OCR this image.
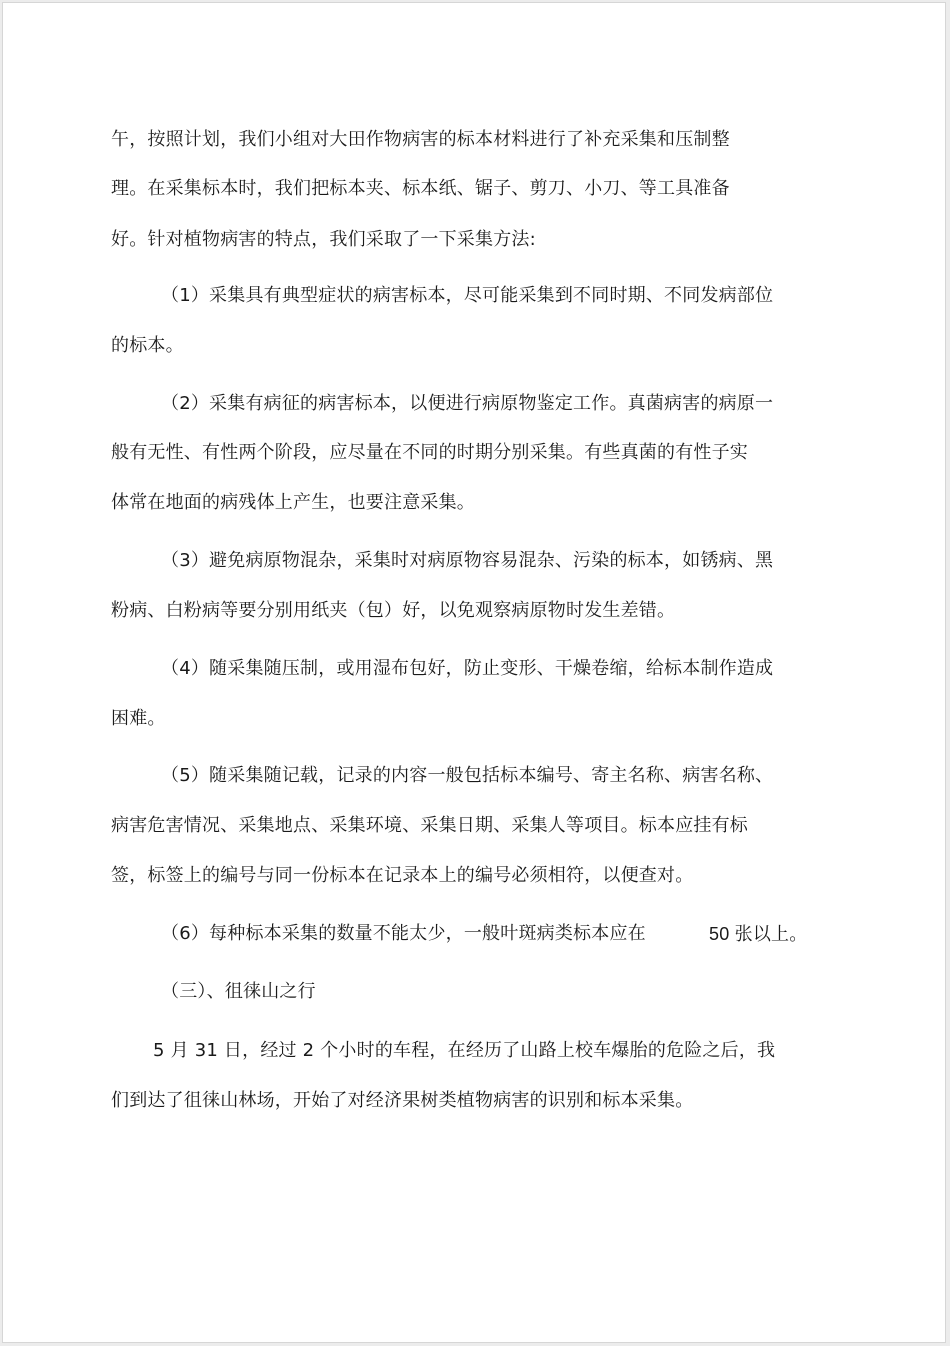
午，按照计划，我们小组对大田作物病害的标本材料进行了补充采集和压制整
理。在采集标本时，我们把标本夹、标本纸、锯子、剪刀、小刀、等工具准备
好。针对植物病害的特点，我们采取了一下采集方法:
（1）采集具有典型症状的病害标本，尽可能采集到不同时期、不同发病部位
的标本。
（2）采集有病征的病害标本，以便进行病原物鉴定工作。真菌病害的病原一
般有无性、有性两个阶段，应尽量在不同的时期分别采集。有些真菌的有性子实
体常在地面的病残体上产生，也要注意采集。
（3）避免病原物混杂，采集时对病原物容易混杂、污染的标本，如锈病、黑
粉病、白粉病等要分别用纸夹（包）好，以免观察病原物时发生差错。
（4）随采集随压制，或用湿布包好，防止变形、干燥卷缩，给标本制作造成
困难。
（5）随采集随记载，记录的内容一般包括标本编号、寄主名称、病害名称、
病害危害情况、采集地点、采集环境、采集日期、采集人等项目。标本应挂有标
签，标签上的编号与同一份标本在记录本上的编号必须相符，以便查对。
（6）每种标本采集的数量不能太少，一般叶斑病类标本应在	50 张以上。
（三）、徂徕山之行
5 月 31 日，经过 2 个小时的车程，在经历了山路上校车爆胎的危险之后，我
们到达了徂徕山林场，开始了对经济果树类植物病害的识别和标本采集。
